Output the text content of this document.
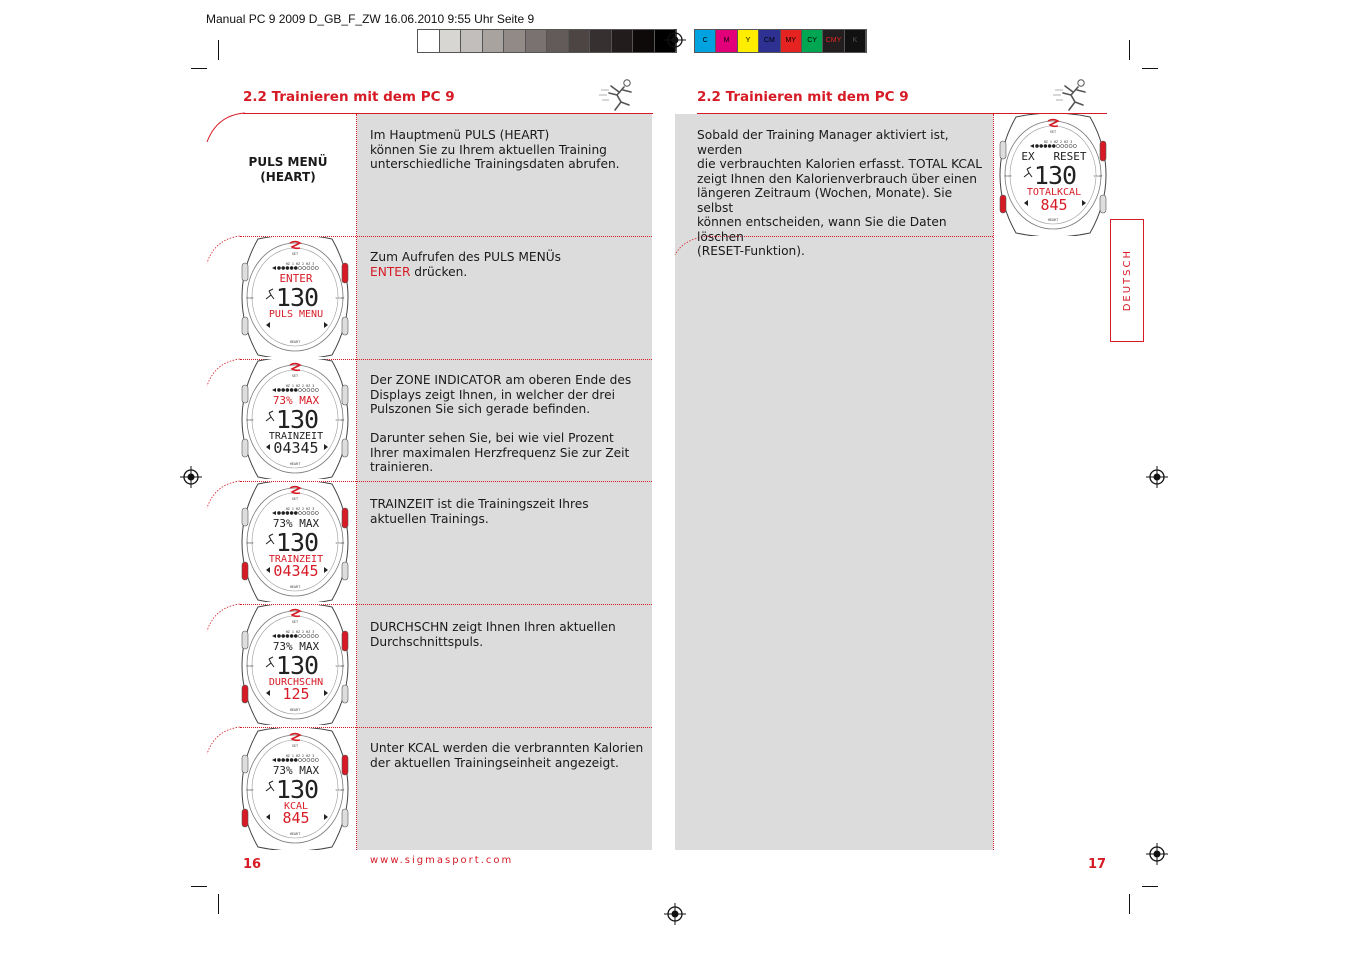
Manual PC 9 2009 D_GB_F_ZW 16.06.2010 9:55 Uhr Seite 9
C	M	Y	CM	MY	CY	CMY	K
2.2 Trainieren mit dem PC 9	2.2 Trainieren mit dem PC 9
PULS MENÜ
(HEART)
Im Hauptmenü PULS (HEART)
können Sie zu Ihrem aktuellen Training
unterschiedliche Trainingsdaten abrufen.
Zum Aufrufen des PULS MENÜs
ENTER drücken.
Der ZONE INDICATOR am oberen Ende des
Displays zeigt Ihnen, in welcher der drei
Pulszonen Sie sich gerade befinden.

Darunter sehen Sie, bei wie viel Prozent
Ihrer maximalen Herzfrequenz Sie zur Zeit
trainieren.
TRAINZEIT ist die Trainingszeit Ihres
aktuellen Trainings.
DURCHSCHN zeigt Ihnen Ihren aktuellen
Durchschnittspuls.
Unter KCAL werden die verbrannten Kalorien
der aktuellen Trainingseinheit angezeigt.
Sobald der Training Manager aktiviert ist, werden
die verbrauchten Kalorien erfasst. TOTAL KCAL
zeigt Ihnen den Kalorienverbrauch über einen
längeren Zeitraum (Wochen, Monate). Sie selbst
können entscheiden, wann Sie die Daten löschen
(RESET-Funktion).
SET
HEART
HZ 1 HZ 2 HZ 3
ENTER
130
PULS MENU
MODE	START
SET
HEART
HZ 1 HZ 2 HZ 3
73% MAX
130
TRAINZEIT
04345
MODE	START
SET
HEART
HZ 1 HZ 2 HZ 3
73% MAX
130
TRAINZEIT
04345
MODE	START
SET
HEART
HZ 1 HZ 2 HZ 3
73% MAX
130
DURCHSCHN
125
MODE	START
SET
HEART
HZ 1 HZ 2 HZ 3
73% MAX
130
KCAL
845
MODE	START
SET
HEART
HZ 1 HZ 2 HZ 3
EX RESET
130
TOTALKCAL
845
MODE	START
16	www.sigmasport.com	17
DEUTSCH
